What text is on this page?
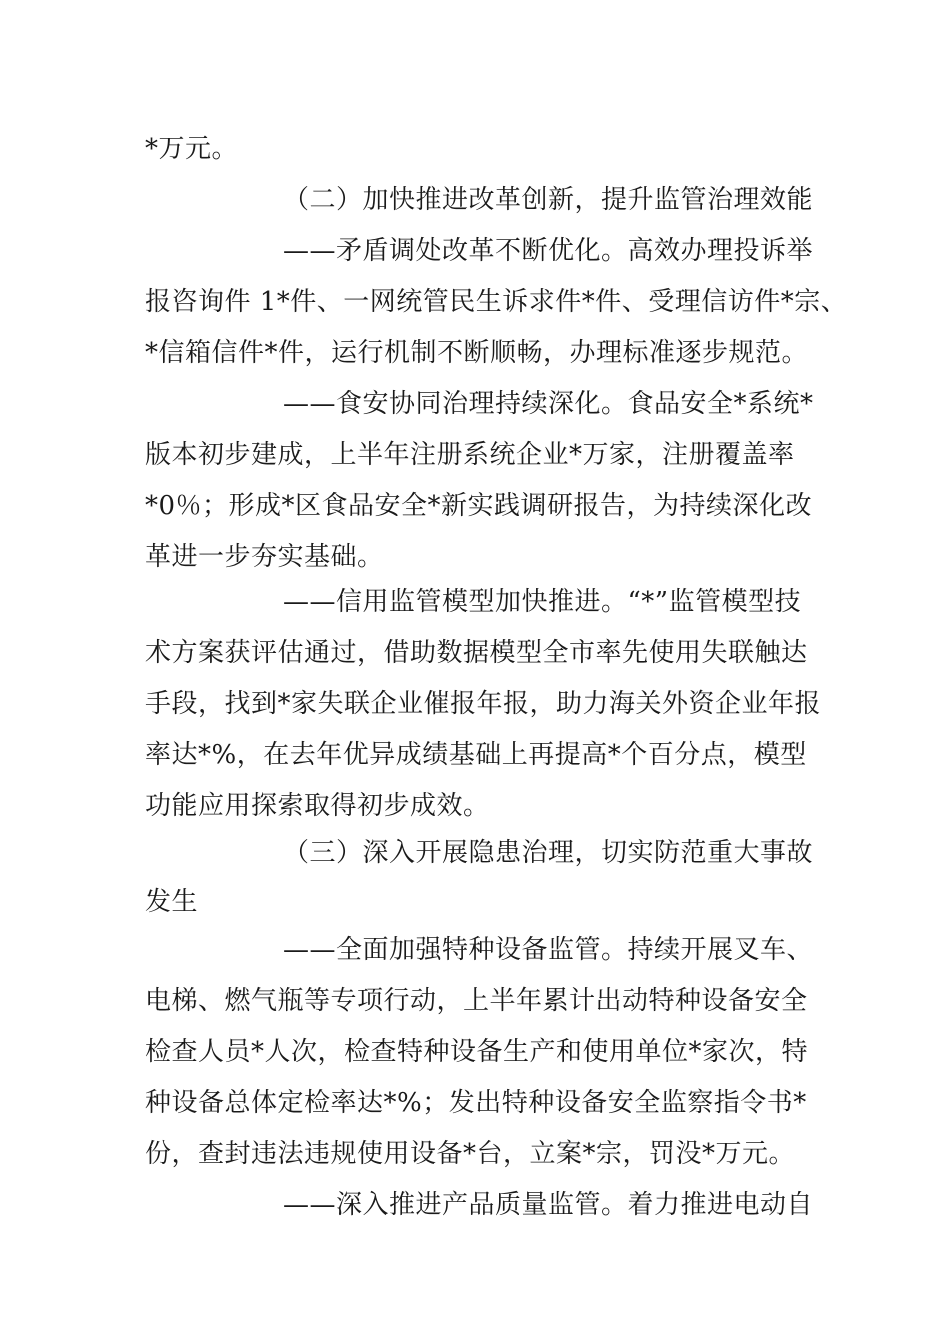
*万元。
（二）加快推进改革创新，提升监管治理效能
——矛盾调处改革不断优化。高效办理投诉举
报咨询件 1*件、一网统管民生诉求件*件、受理信访件*宗、
*信箱信件*件，运行机制不断顺畅，办理标准逐步规范。
——食安协同治理持续深化。食品安全*系统*
版本初步建成，上半年注册系统企业*万家，注册覆盖率
*0％；形成*区食品安全*新实践调研报告，为持续深化改
革进一步夯实基础。
——信用监管模型加快推进。“*”监管模型技
术方案获评估通过，借助数据模型全市率先使用失联触达
手段，找到*家失联企业催报年报，助力海关外资企业年报
率达*%，在去年优异成绩基础上再提高*个百分点，模型
功能应用探索取得初步成效。
（三）深入开展隐患治理，切实防范重大事故
发生
——全面加强特种设备监管。持续开展叉车、
电梯、燃气瓶等专项行动，上半年累计出动特种设备安全
检查人员*人次，检查特种设备生产和使用单位*家次，特
种设备总体定检率达*%；发出特种设备安全监察指令书*
份，查封违法违规使用设备*台，立案*宗，罚没*万元。
——深入推进产品质量监管。着力推进电动自
